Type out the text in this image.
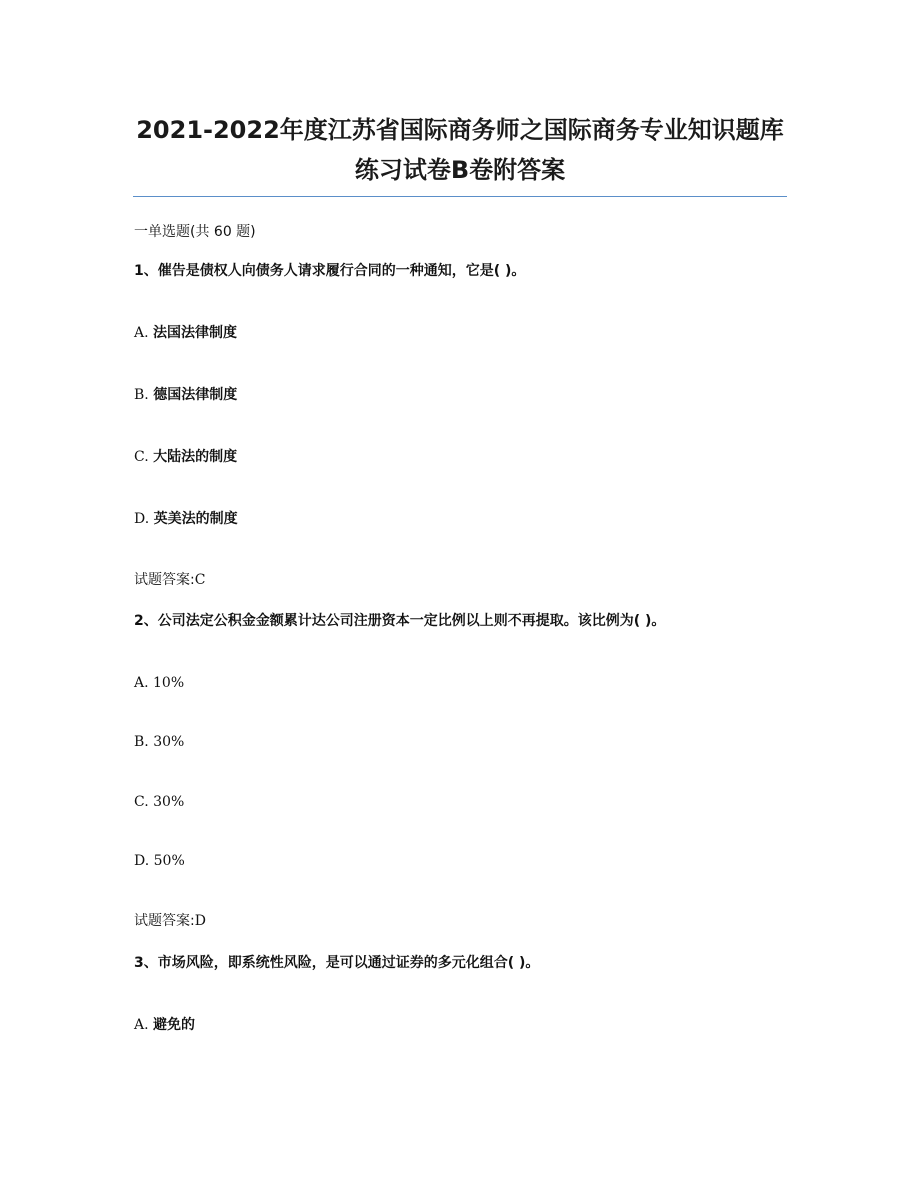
2021-2022年度江苏省国际商务师之国际商务专业知识题库
练习试卷B卷附答案
一单选题(共 60 题)
1、催告是债权人向债务人请求履行合同的一种通知，它是( )。
A. 法国法律制度
B. 德国法律制度
C. 大陆法的制度
D. 英美法的制度
试题答案:C
2、公司法定公积金金额累计达公司注册资本一定比例以上则不再提取。该比例为( )。
A. 10%
B. 30%
C. 30%
D. 50%
试题答案:D
3、市场风险，即系统性风险，是可以通过证券的多元化组合( )。
A. 避免的
